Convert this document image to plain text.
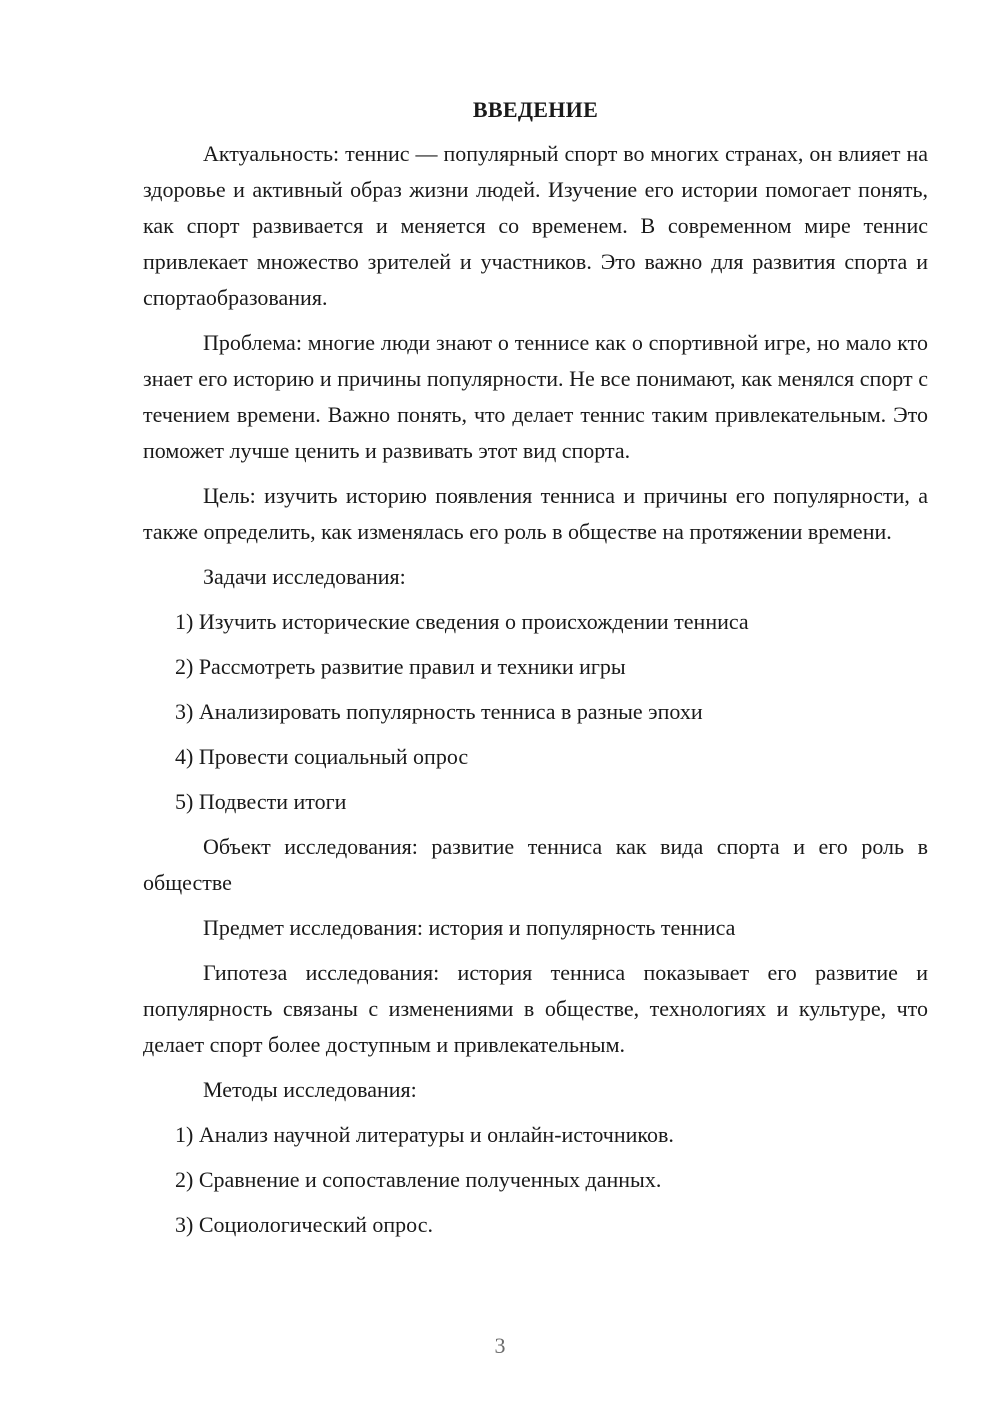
ВВЕДЕНИЕ

Актуальность: теннис — популярный спорт во многих странах, он влияет на здоровье и активный образ жизни людей. Изучение его истории помогает понять, как спорт развивается и меняется со временем. В современном мире теннис привлекает множество зрителей и участников. Это важно для развития спорта и спортаобразования.

Проблема: многие люди знают о теннисе как о спортивной игре, но мало кто знает его историю и причины популярности. Не все понимают, как менялся спорт с течением времени. Важно понять, что делает теннис таким привлекательным. Это поможет лучше ценить и развивать этот вид спорта.

Цель: изучить историю появления тенниса и причины его популярности, а также определить, как изменялась его роль в обществе на протяжении времени.

Задачи исследования:

1) Изучить исторические сведения о происхождении тенниса

2) Рассмотреть развитие правил и техники игры

3) Анализировать популярность тенниса в разные эпохи

4) Провести социальный опрос

5) Подвести итоги

Объект исследования: развитие тенниса как вида спорта и его роль в обществе

Предмет исследования: история и популярность тенниса

Гипотеза исследования: история тенниса показывает его развитие и популярность связаны с изменениями в обществе, технологиях и культуре, что делает спорт более доступным и привлекательным.

Методы исследования:

1) Анализ научной литературы и онлайн-источников.

2) Сравнение и сопоставление полученных данных.

3) Социологический опрос.

3
